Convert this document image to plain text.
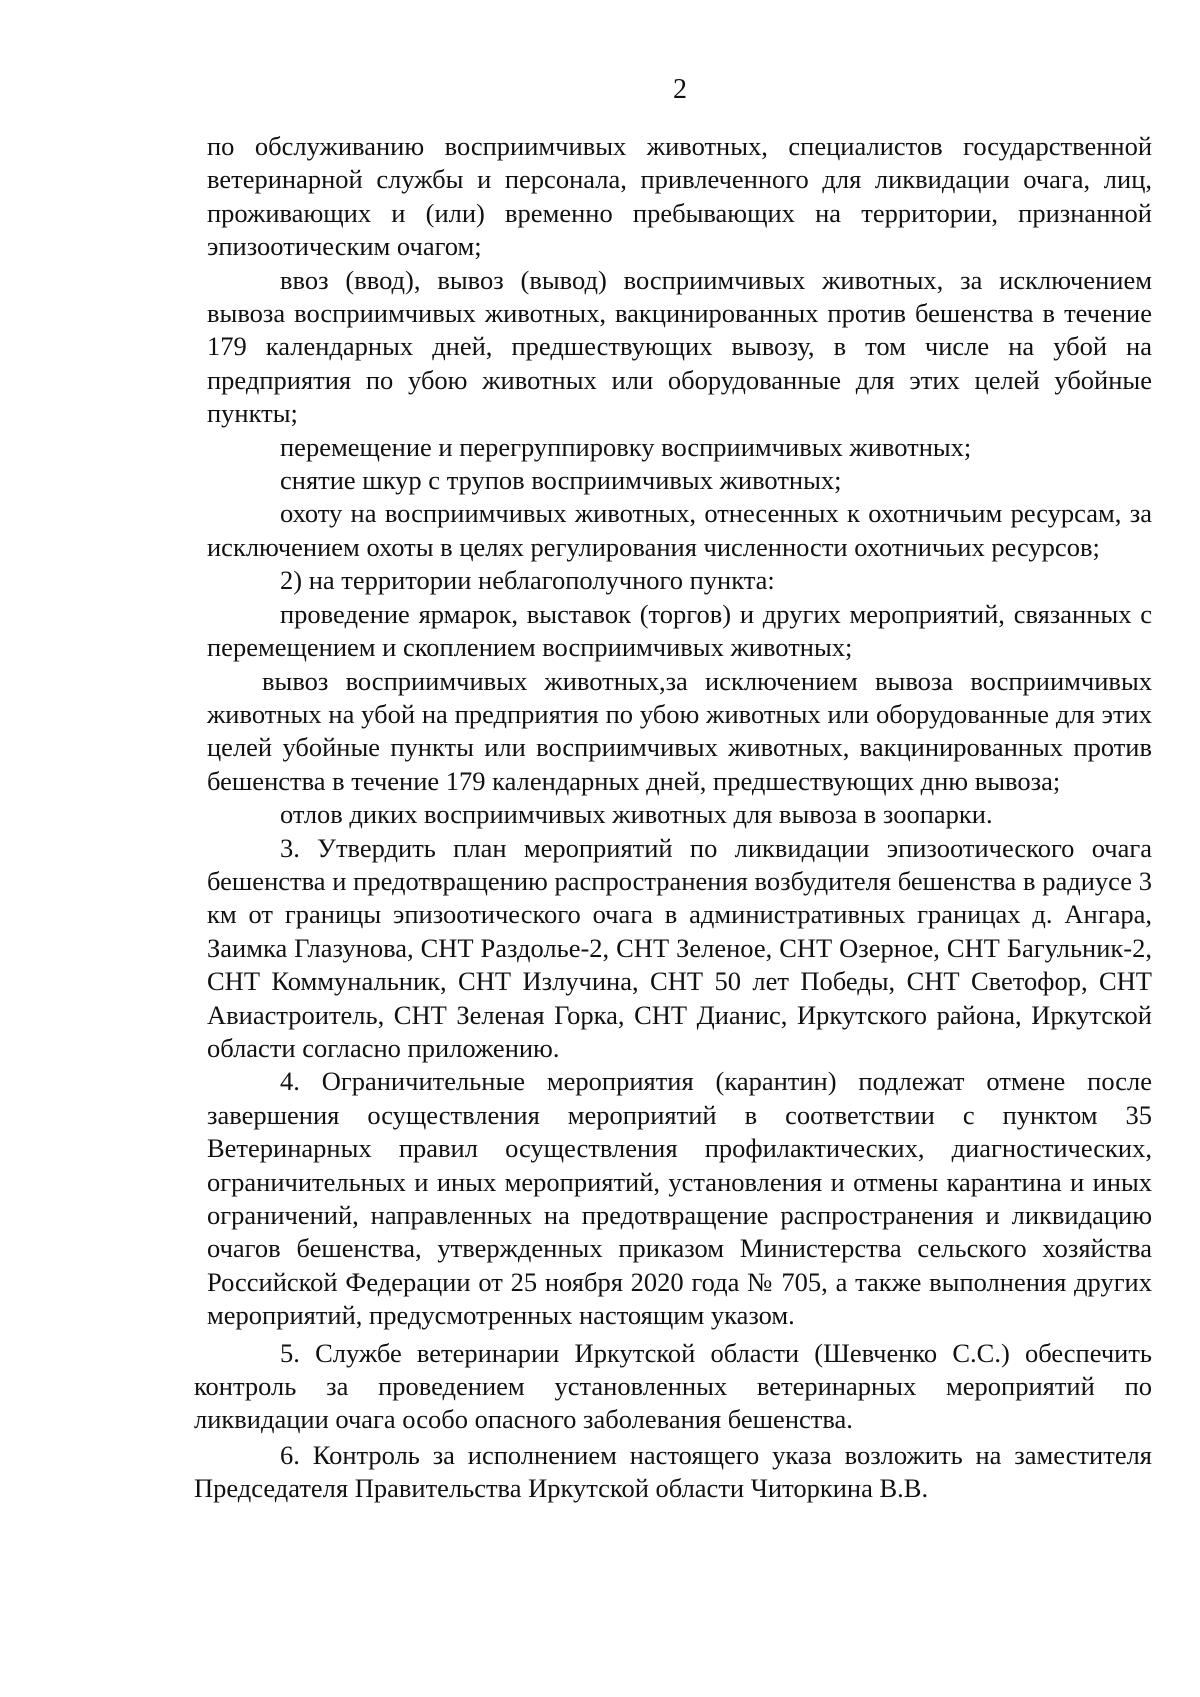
2

по обслуживанию восприимчивых животных, специалистов государственной ветеринарной службы и персонала, привлеченного для ликвидации очага, лиц, проживающих и (или) временно пребывающих на территории, признанной эпизоотическим очагом;

ввоз (ввод), вывоз (вывод) восприимчивых животных, за исключением вывоза восприимчивых животных, вакцинированных против бешенства в течение 179 календарных дней, предшествующих вывозу, в том числе на убой на предприятия по убою животных или оборудованные для этих целей убойные пункты;

перемещение и перегруппировку восприимчивых животных;

снятие шкур с трупов восприимчивых животных;

охоту на восприимчивых животных, отнесенных к охотничьим ресурсам, за исключением охоты в целях регулирования численности охотничьих ресурсов;

2) на территории неблагополучного пункта:

проведение ярмарок, выставок (торгов) и других мероприятий, связанных с перемещением и скоплением восприимчивых животных;

вывоз восприимчивых животных,за исключением вывоза восприимчивых животных на убой на предприятия по убою животных или оборудованные для этих целей убойные пункты или восприимчивых животных, вакцинированных против бешенства в течение 179 календарных дней, предшествующих дню вывоза;

отлов диких восприимчивых животных для вывоза в зоопарки.

3. Утвердить план мероприятий по ликвидации эпизоотического очага бешенства и предотвращению распространения возбудителя бешенства в радиусе 3 км от границы эпизоотического очага в административных границах д. Ангара, Заимка Глазунова, СНТ Раздолье-2, СНТ Зеленое, СНТ Озерное, СНТ Багульник-2, СНТ Коммунальник, СНТ Излучина, СНТ 50 лет Победы, СНТ Светофор, СНТ Авиастроитель, СНТ Зеленая Горка, СНТ Дианис, Иркутского района, Иркутской области согласно приложению.

4. Ограничительные мероприятия (карантин) подлежат отмене после завершения осуществления мероприятий в соответствии с пунктом 35 Ветеринарных правил осуществления профилактических, диагностических, ограничительных и иных мероприятий, установления и отмены карантина и иных ограничений, направленных на предотвращение распространения и ликвидацию очагов бешенства, утвержденных приказом Министерства сельского хозяйства Российской Федерации от 25 ноября 2020 года № 705, а также выполнения других мероприятий, предусмотренных настоящим указом.

5. Службе ветеринарии Иркутской области (Шевченко С.С.) обеспечить контроль за проведением установленных ветеринарных мероприятий по ликвидации очага особо опасного заболевания бешенства.

6. Контроль за исполнением настоящего указа возложить на заместителя Председателя Правительства Иркутской области Читоркина В.В.
